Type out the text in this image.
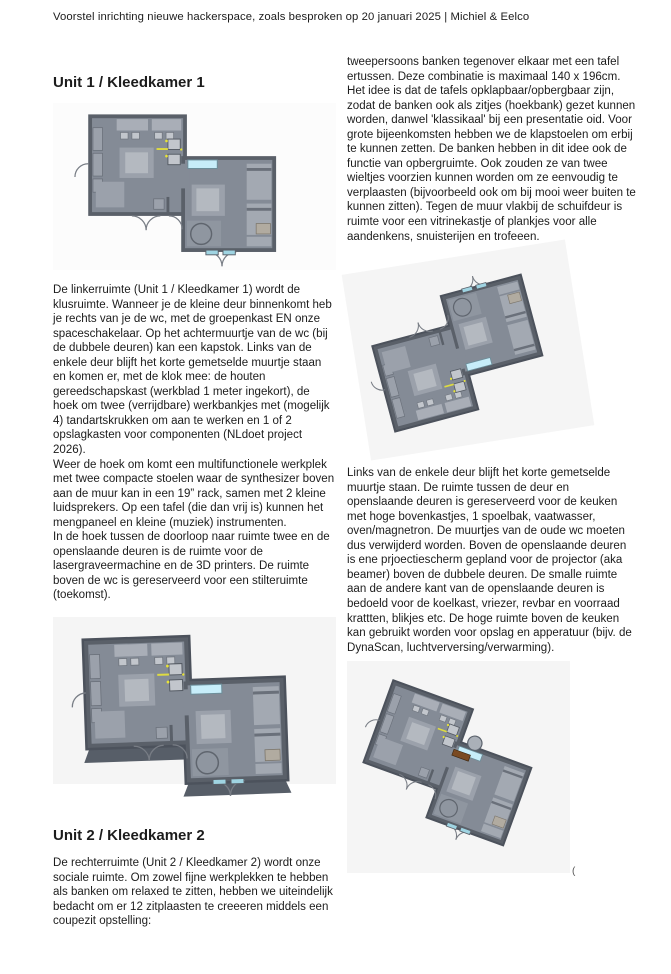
Voorstel inrichting nieuwe hackerspace, zoals besproken op 20 januari 2025 | Michiel & Eelco
Unit 1 / Kleedkamer 1

De linkerruimte (Unit 1 / Kleedkamer 1) wordt de klusruimte. Wanneer je de kleine deur binnenkomt heb je rechts van je de wc, met de groepenkast EN onze spaceschakelaar. Op het achtermuurtje van de wc (bij de dubbele deuren) kan een kapstok. Links van de enkele deur blijft het korte gemetselde muurtje staan en komen er, met de klok mee: de houten gereedschapskast (werkblad 1 meter ingekort), de hoek om twee (verrijdbare) werkbankjes met (mogelijk 4) tandartskrukken om aan te werken en 1 of 2 opslagkasten voor componenten (NLdoet project 2026).

Weer de hoek om komt een multifunctionele werkplek met twee compacte stoelen waar de synthesizer boven aan de muur kan in een 19” rack, samen met 2 kleine luidsprekers. Op een tafel (die dan vrij is) kunnen het mengpaneel en kleine (muziek) instrumenten.

In de hoek tussen de doorloop naar ruimte twee en de openslaande deuren is de ruimte voor de lasergraveermachine en de 3D printers. De ruimte boven de wc is gereserveerd voor een stilteruimte (toekomst).

Unit 2 / Kleedkamer 2

De rechterruimte (Unit 2 / Kleedkamer 2) wordt onze sociale ruimte. Om zowel fijne werkplekken te hebben als banken om relaxed te zitten, hebben we uiteindelijk bedacht om er 12 zitplaasten te creeeren middels een coupezit opstelling:

tweepersoons banken tegenover elkaar met een tafel ertussen. Deze combinatie is maximaal 140 x 196cm. Het idee is dat de tafels opklapbaar/opbergbaar zijn, zodat de banken ook als zitjes (hoekbank) gezet kunnen worden, danwel 'klassikaal' bij een presentatie oid. Voor grote bijeenkomsten hebben we de klapstoelen om erbij te kunnen zetten. De banken hebben in dit idee ook de functie van opbergruimte. Ook zouden ze van twee wieltjes voorzien kunnen worden om ze eenvoudig te verplaasten (bijvoorbeeld ook om bij mooi weer buiten te kunnen zitten). Tegen de muur vlakbij de schuifdeur is ruimte voor een vitrinekastje of plankjes voor alle aandenkens, snuisterijen en trofeeen.

Links van de enkele deur blijft het korte gemetselde muurtje staan. De ruimte tussen de deur en openslaande deuren is gereserveerd voor de keuken met hoge bovenkastjes, 1 spoelbak, vaatwasser, oven/magnetron. De muurtjes van de oude wc moeten dus verwijderd worden. Boven de openslaande deuren is ene prjoectiescherm gepland voor de projector (aka beamer) boven de dubbele deuren. De smalle ruimte aan de andere kant van de openslaande deuren is bedoeld voor de koelkast, vriezer, revbar en voorraad krattten, blikjes etc. De hoge ruimte boven de keuken kan gebruikt worden voor opslag en apperatuur (bijv. de DynaScan, luchtverversing/verwarming).

(
